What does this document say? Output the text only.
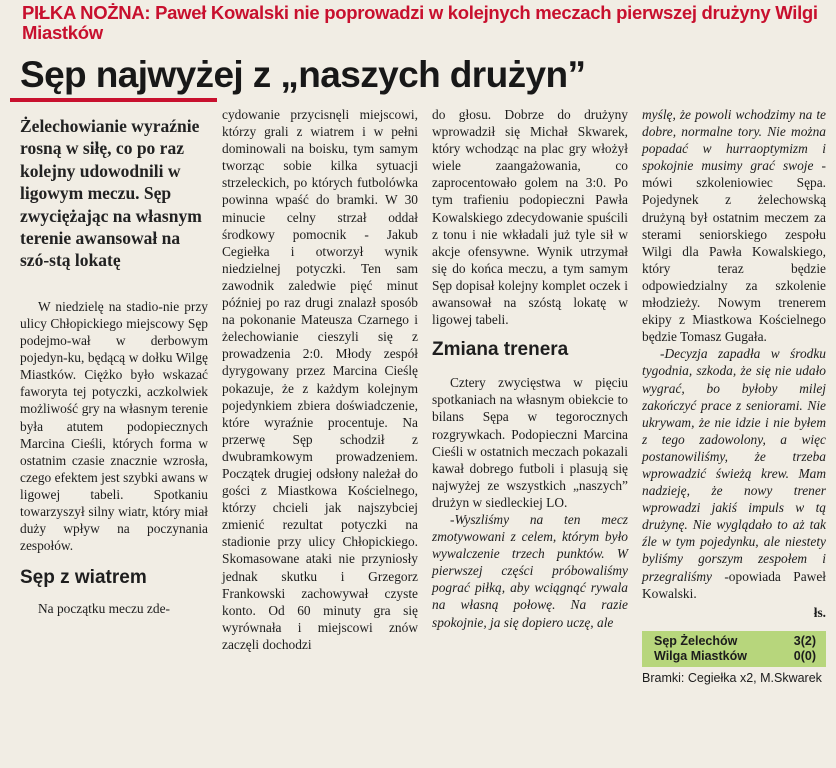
PIŁKA NOŻNA: Paweł Kowalski nie poprowadzi w kolejnych meczach pierwszej drużyny Wilgi Miastków
Sęp najwyżej z „naszych drużyn”

Żelechowianie wyraźnie rosną w siłę, co po raz kolejny udowodnili w ligowym meczu. Sęp zwyciężając na własnym terenie awansował na szó-stą lokatę

W niedzielę na stadio-nie przy ulicy Chłopickiego miejscowy Sęp podejmo-wał w derbowym pojedyn-ku, będącą w dołku Wilgę Miastków. Ciężko było wskazać faworyta tej potyczki, aczkolwiek możliwość gry na własnym terenie była atutem podopiecznych Marcina Cieśli, których forma w ostatnim czasie znacznie wzrosła, czego efektem jest szybki awans w ligowej tabeli. Spotkaniu towarzyszył silny wiatr, który miał duży wpływ na poczynania zespołów.

Sęp z wiatrem

Na początku meczu zde-

cydowanie przycisnęli miejscowi, którzy grali z wiatrem i w pełni dominowali na boisku, tym samym tworząc sobie kilka sytuacji strzeleckich, po których futbolówka powinna wpaść do bramki. W 30 minucie celny strzał oddał środkowy pomocnik - Jakub Cegiełka i otworzył wynik niedzielnej potyczki. Ten sam zawodnik zaledwie pięć minut później po raz drugi znalazł sposób na pokonanie Mateusza Czarnego i żelechowianie cieszyli się z prowadzenia 2:0. Młody zespół dyrygowany przez Marcina Cieślę pokazuje, że z każdym kolejnym pojedynkiem zbiera doświadczenie, które wyraźnie procentuje. Na przerwę Sęp schodził z dwubramkowym prowadzeniem. Początek drugiej odsłony należał do gości z Miastkowa Kościelnego, którzy chcieli jak najszybciej zmienić rezultat potyczki na stadionie przy ulicy Chłopickiego. Skomasowane ataki nie przyniosły jednak skutku i Grzegorz Frankowski zachowywał czyste konto. Od 60 minuty gra się wyrównała i miejscowi znów zaczęli dochodzi

do głosu. Dobrze do drużyny wprowadził się Michał Skwarek, który wchodząc na plac gry włożył wiele zaangażowania, co zaprocentowało golem na 3:0. Po tym trafieniu podopieczni Pawła Kowalskiego zdecydowanie spuścili z tonu i nie wkładali już tyle sił w akcje ofensywne. Wynik utrzymał się do końca meczu, a tym samym Sęp dopisał kolejny komplet oczek i awansował na szóstą lokatę w ligowej tabeli.

Zmiana trenera

Cztery zwycięstwa w pięciu spotkaniach na własnym obiekcie to bilans Sępa w tegorocznych rozgrywkach. Podopieczni Marcina Cieśli w ostatnich meczach pokazali kawał dobrego futboli i plasują się najwyżej ze wszystkich „naszych” drużyn w siedleckiej LO.

-Wyszliśmy na ten mecz zmotywowani z celem, którym było wywalczenie trzech punktów. W pierwszej części próbowaliśmy pograć piłką, aby wciągnąć rywala na własną połowę. Na razie spokojnie, ja się dopiero uczę, ale

myślę, że powoli wchodzimy na te dobre, normalne tory. Nie można popadać w hurraoptymizm i spokojnie musimy grać swoje -mówi szkoleniowiec Sępa. Pojedynek z żelechowską drużyną był ostatnim meczem za sterami seniorskiego zespołu Wilgi dla Pawła Kowalskiego, który teraz będzie odpowiedzialny za szkolenie młodzieży. Nowym trenerem ekipy z Miastkowa Kościelnego będzie Tomasz Gugała.

-Decyzja zapadła w środku tygodnia, szkoda, że się nie udało wygrać, bo byłoby milej zakończyć prace z seniorami. Nie ukrywam, że nie idzie i nie byłem z tego zadowolony, a więc postanowiliśmy, że trzeba wprowadzić świeżą krew. Mam nadzieję, że nowy trener wprowadzi jakiś impuls w tą drużynę. Nie wyglądało to aż tak źle w tym pojedynku, ale niestety byliśmy gorszym zespołem i przegraliśmy -opowiada Paweł Kowalski.

łs.

Sęp Żelechów	3(2)
Wilga Miastków	0(0)
Bramki: Cegiełka x2, M.Skwarek
